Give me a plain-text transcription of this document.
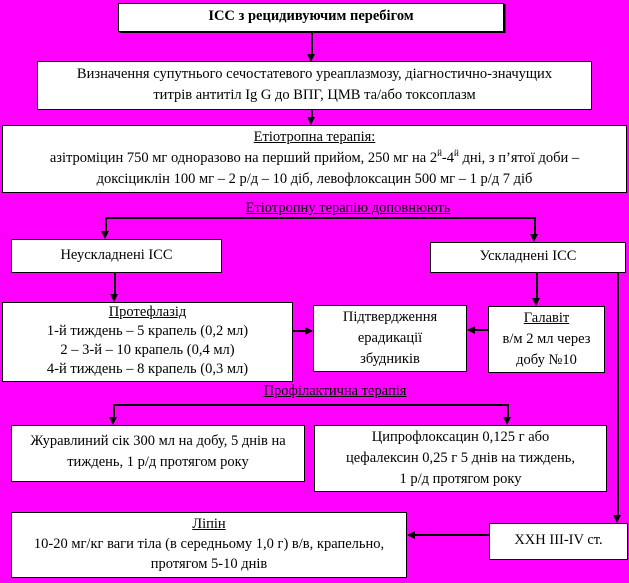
ІСС з рецидивуючим перебігом
Визначення супутнього сечостатевого уреаплазмозу, діагностично-значущих
титрів антитіл Ig G до ВПГ, ЦМВ та/або токсоплазм
Етіотропна терапія:
азітроміцин 750 мг одноразово на перший прийом, 250 мг на $2^й-4^й$ дні, з п’ятої доби –
доксіциклін 100 мг – 2 р/д – 10 діб, левофлоксацин 500 мг – 1 р/д 7 діб
Етіотропну терапію доповнюють
Неускладнені ІСС	Ускладнені ІСС
Протефлазід
1-й тиждень – 5 крапель (0,2 мл)
2 – 3-й – 10 крапель (0,4 мл)
4-й тиждень – 8 крапель (0,3 мл)
Підтвердження
ерадикації
збудників
Галавіт
в/м 2 мл через
добу №10
Профілактична терапія
Журавлиний сік 300 мл на добу, 5 днів на
тиждень, 1 р/д протягом року
Ципрофлоксацин 0,125 г або
цефалексин 0,25 г 5 днів на тиждень,
1 р/д протягом року
Ліпін
10-20 мг/кг ваги тіла (в середньому 1,0 г) в/в, крапельно,
протягом 5-10 днів
ХХН ІІІ-ІV ст.
